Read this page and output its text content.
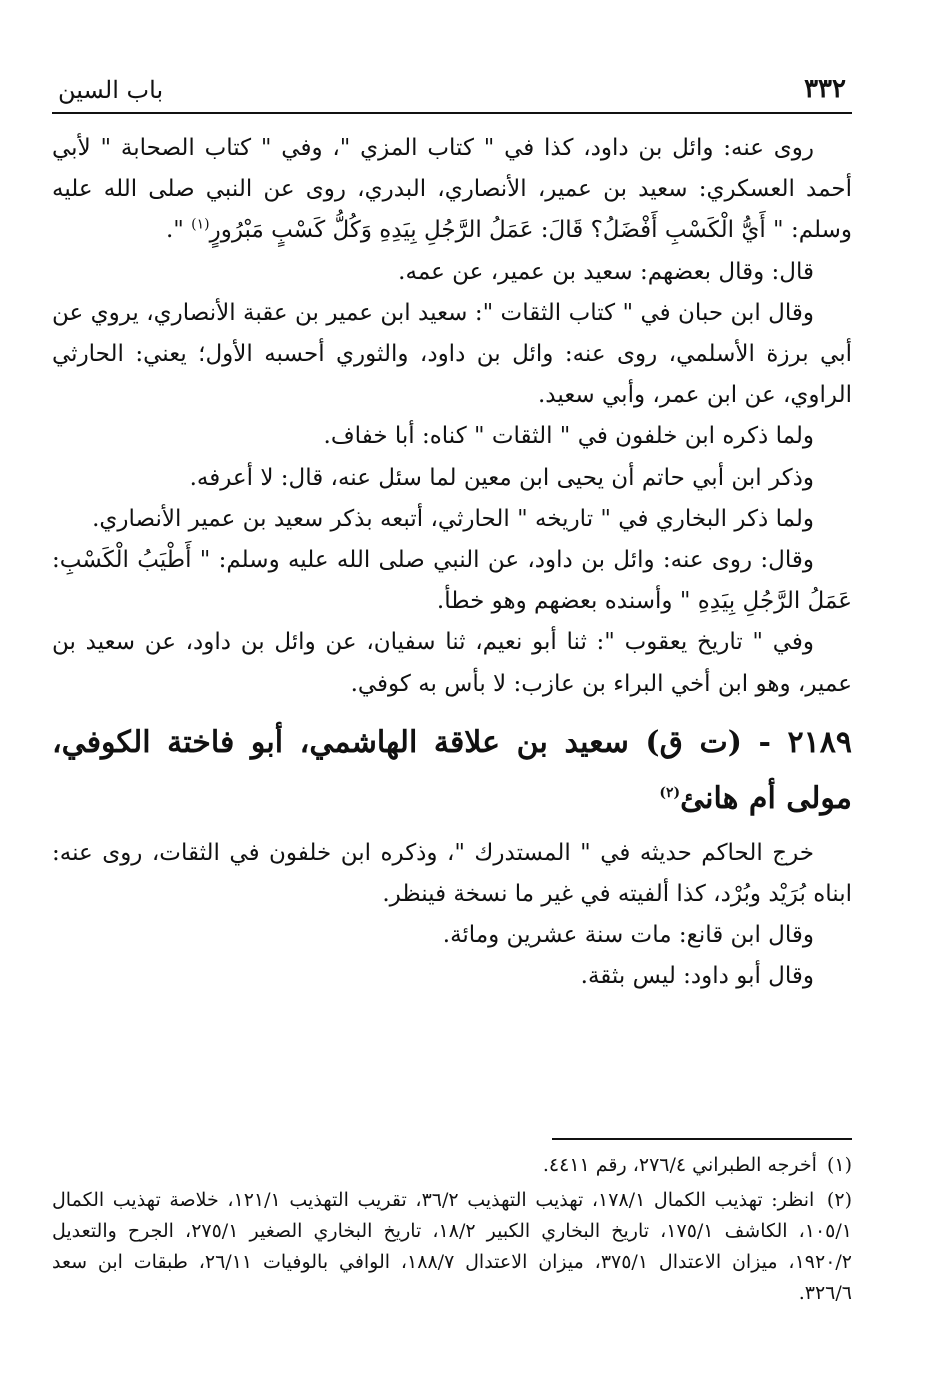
٣٣٢
باب السين

روى عنه: وائل بن داود، كذا في " كتاب المزي "، وفي " كتاب الصحابة " لأبي أحمد العسكري: سعيد بن عمير، الأنصاري، البدري، روى عن النبي صلى الله عليه وسلم: " أَيُّ الْكَسْبِ أَفْضَلُ؟ قَالَ: عَمَلُ الرَّجُلِ بِيَدِهِ وَكُلُّ كَسْبٍ مَبْرُورٍ$^{(١)}$ ".

قال: وقال بعضهم: سعيد بن عمير، عن عمه.

وقال ابن حبان في " كتاب الثقات ": سعيد ابن عمير بن عقبة الأنصاري، يروي عن أبي برزة الأسلمي، روى عنه: وائل بن داود، والثوري أحسبه الأول؛ يعني: الحارثي الراوي، عن ابن عمر، وأبي سعيد.

ولما ذكره ابن خلفون في " الثقات " كناه: أبا خفاف.

وذكر ابن أبي حاتم أن يحيى ابن معين لما سئل عنه، قال: لا أعرفه.

ولما ذكر البخاري في " تاريخه " الحارثي، أتبعه بذكر سعيد بن عمير الأنصاري.

وقال: روى عنه: وائل بن داود، عن النبي صلى الله عليه وسلم: " أَطْيَبُ الْكَسْبِ: عَمَلُ الرَّجُلِ بِيَدِهِ " وأسنده بعضهم وهو خطأ.

وفي " تاريخ يعقوب ": ثنا أبو نعيم، ثنا سفيان، عن وائل بن داود، عن سعيد بن عمير، وهو ابن أخي البراء بن عازب: لا بأس به كوفي.

٢١٨٩ - (ت ق) سعيد بن علاقة الهاشمي، أبو فاختة الكوفي، مولى أم هانئ$^{(٢)}$

خرج الحاكم حديثه في " المستدرك "، وذكره ابن خلفون في الثقات، روى عنه: ابناه بُرَيْد وبُرْد، كذا ألفيته في غير ما نسخة فينظر.

وقال ابن قانع: مات سنة عشرين ومائة.

وقال أبو داود: ليس بثقة.

(١) أخرجه الطبراني ٢٧٦/٤، رقم ٤٤١١.
(٢) انظر: تهذيب الكمال ١٧٨/١، تهذيب التهذيب ٣٦/٢، تقريب التهذيب ١٢١/١، خلاصة تهذيب الكمال ١٠٥/١، الكاشف ١٧٥/١، تاريخ البخاري الكبير ١٨/٢، تاريخ البخاري الصغير ٢٧٥/١، الجرح والتعديل ١٩٢٠/٢، ميزان الاعتدال ٣٧٥/١، ميزان الاعتدال ١٨٨/٧، الوافي بالوفيات ٢٦/١١، طبقات ابن سعد ٣٢٦/٦.
